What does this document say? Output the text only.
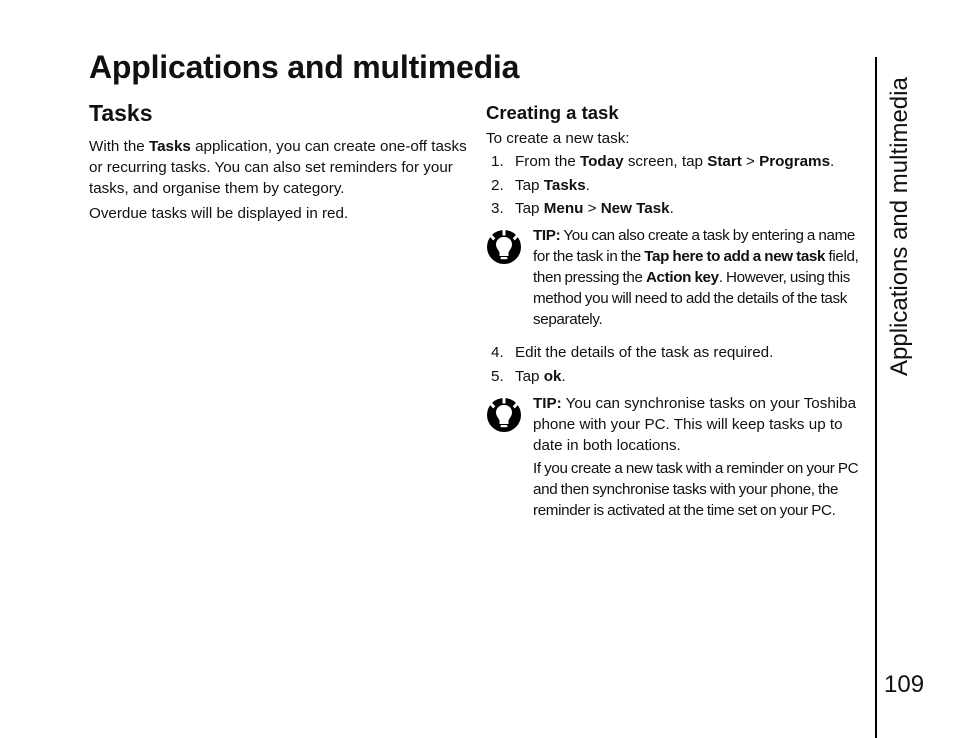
Applications and multimedia
Tasks

With the Tasks application, you can create one-off tasks or recurring tasks. You can also set reminders for your tasks, and organise them by category.

Overdue tasks will be displayed in red.

Creating a task

To create a new task:

1. From the Today screen, tap Start > Programs.
2. Tap Tasks.
3. Tap Menu > New Task.

TIP: You can also create a task by entering a name for the task in the Tap here to add a new task field, then pressing the Action key. However, using this method you will need to add the details of the task separately.

4. Edit the details of the task as required.
5. Tap ok.

TIP: You can synchronise tasks on your Toshiba phone with your PC. This will keep tasks up to date in both locations.

If you create a new task with a reminder on your PC and then synchronise tasks with your phone, the reminder is activated at the time set on your PC.

Applications and multimedia
109
